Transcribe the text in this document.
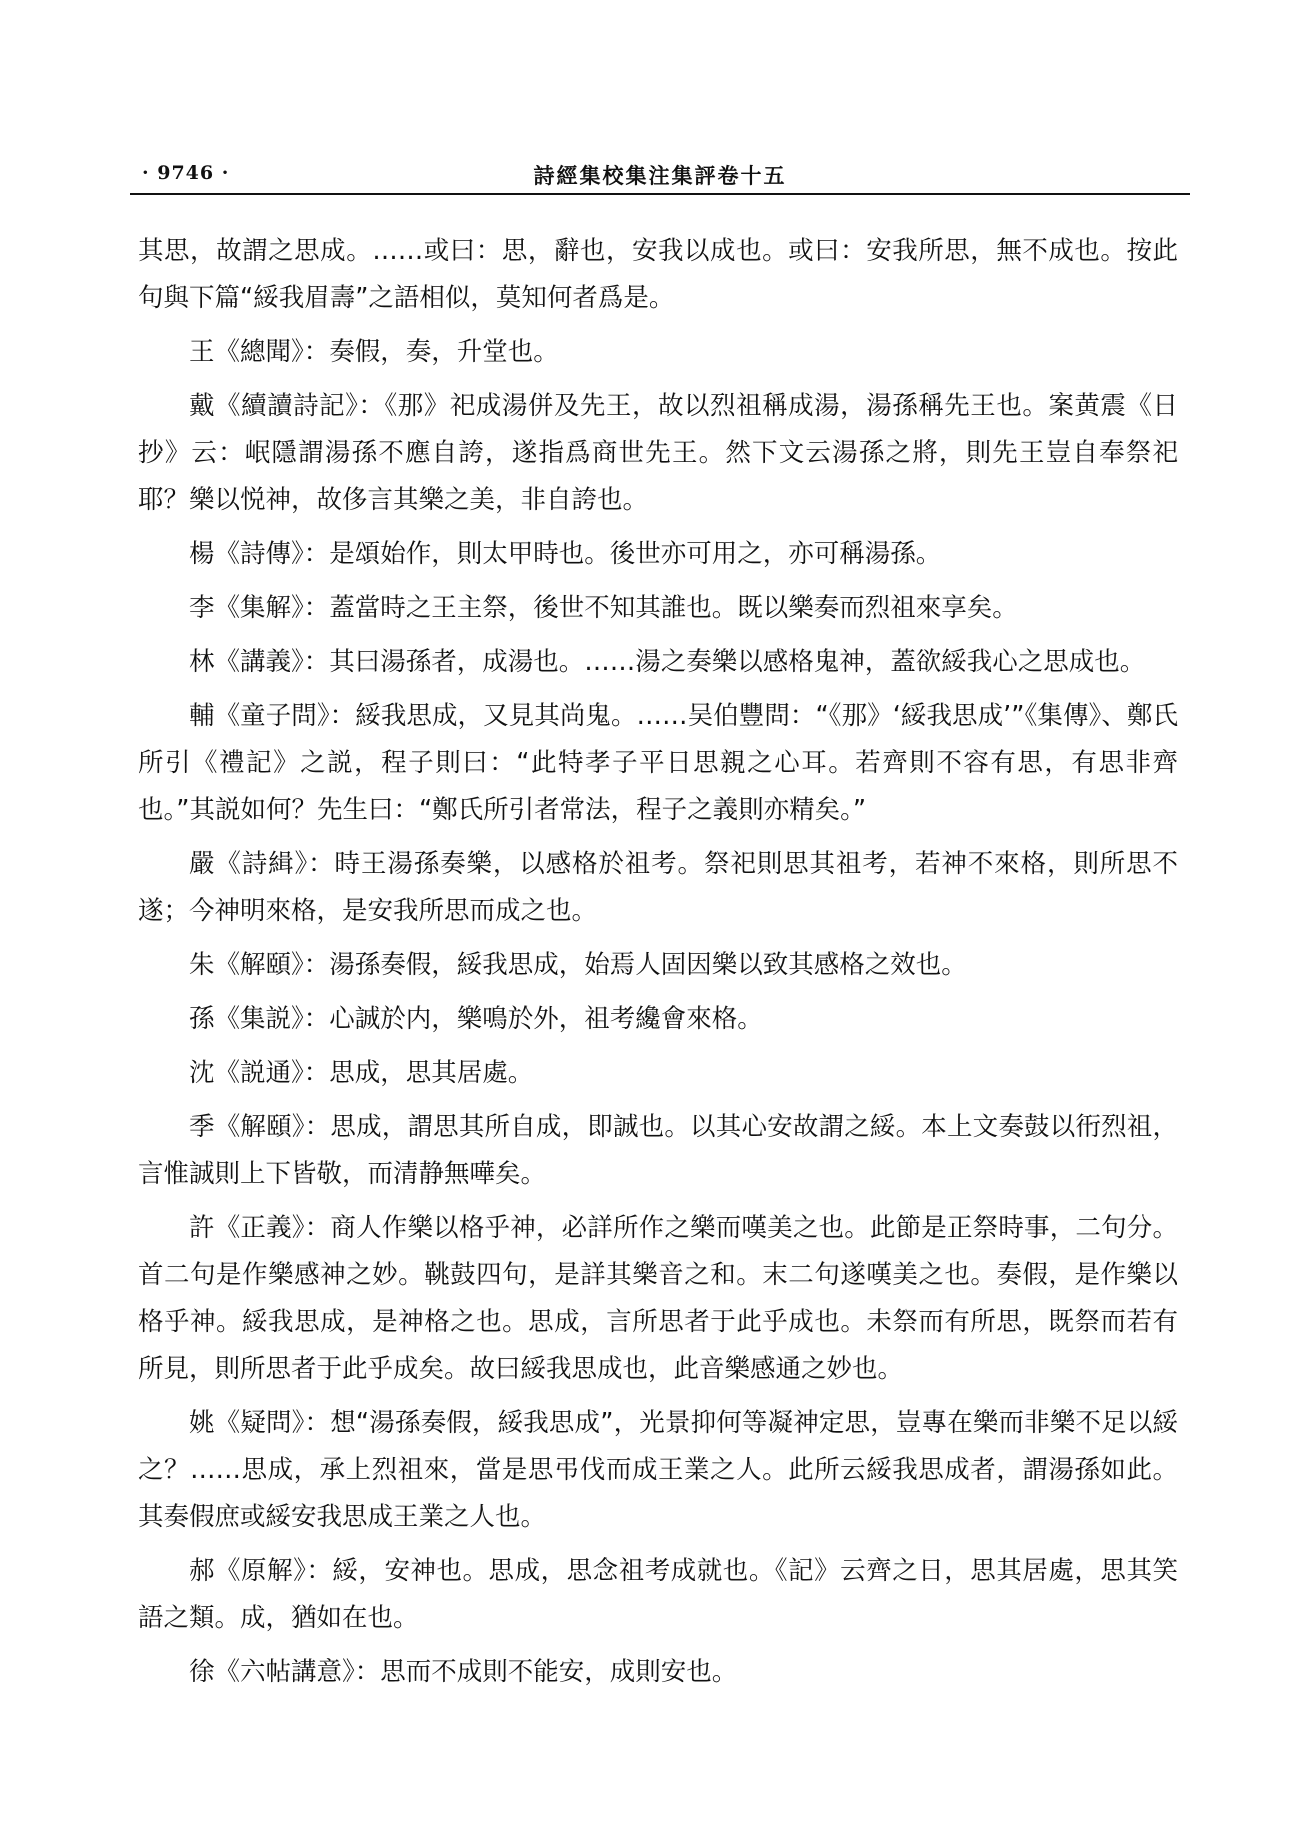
· 9746 ·	詩經集校集注集評卷十五

其思，故謂之思成。……或曰：思，辭也，安我以成也。或曰：安我所思，無不成也。按此句與下篇“綏我眉壽”之語相似，莫知何者爲是。

王《總聞》：奏假，奏，升堂也。

戴《續讀詩記》：《那》祀成湯併及先王，故以烈祖稱成湯，湯孫稱先王也。案黄震《日抄》云：岷隱謂湯孫不應自誇，遂指爲商世先王。然下文云湯孫之將，則先王豈自奉祭祀耶？樂以悦神，故侈言其樂之美，非自誇也。

楊《詩傳》：是頌始作，則太甲時也。後世亦可用之，亦可稱湯孫。

李《集解》：蓋當時之王主祭，後世不知其誰也。既以樂奏而烈祖來享矣。

林《講義》：其曰湯孫者，成湯也。……湯之奏樂以感格鬼神，蓋欲綏我心之思成也。

輔《童子問》：綏我思成，又見其尚鬼。……吴伯豐問：“《那》‘綏我思成’”《集傳》、鄭氏所引《禮記》之説，程子則曰：“此特孝子平日思親之心耳。若齊則不容有思，有思非齊也。”其説如何？先生曰：“鄭氏所引者常法，程子之義則亦精矣。”

嚴《詩緝》：時王湯孫奏樂，以感格於祖考。祭祀則思其祖考，若神不來格，則所思不遂；今神明來格，是安我所思而成之也。

朱《解頤》：湯孫奏假，綏我思成，始焉人固因樂以致其感格之效也。

孫《集説》：心誠於内，樂鳴於外，祖考纔會來格。

沈《説通》：思成，思其居處。

季《解頤》：思成，謂思其所自成，即誠也。以其心安故謂之綏。本上文奏鼓以衎烈祖，言惟誠則上下皆敬，而清静無嘩矣。

許《正義》：商人作樂以格乎神，必詳所作之樂而嘆美之也。此節是正祭時事，二句分。首二句是作樂感神之妙。鞉鼓四句，是詳其樂音之和。末二句遂嘆美之也。奏假，是作樂以格乎神。綏我思成，是神格之也。思成，言所思者于此乎成也。未祭而有所思，既祭而若有所見，則所思者于此乎成矣。故曰綏我思成也，此音樂感通之妙也。

姚《疑問》：想“湯孫奏假，綏我思成”，光景抑何等凝神定思，豈專在樂而非樂不足以綏之？……思成，承上烈祖來，當是思弔伐而成王業之人。此所云綏我思成者，謂湯孫如此。其奏假庶或綏安我思成王業之人也。

郝《原解》：綏，安神也。思成，思念祖考成就也。《記》云齊之日，思其居處，思其笑語之類。成，猶如在也。

徐《六帖講意》：思而不成則不能安，成則安也。
